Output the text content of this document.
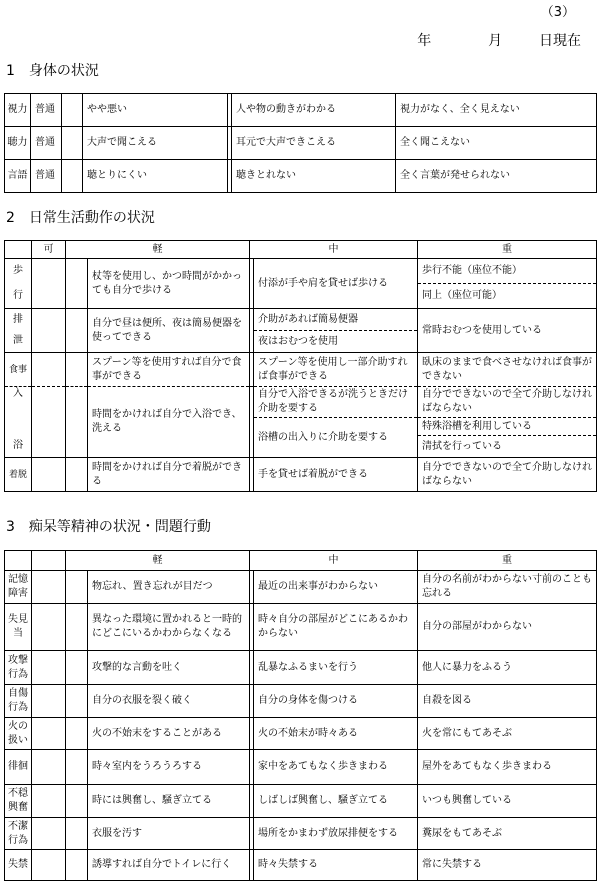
（3）
年	月	日現在
1　身体の状況
視力	普通		やや悪い		人や物の動きがわかる	視力がなく、全く見えない
聴力	普通		大声で聞こえる		耳元で大声できこえる	全く聞こえない
言語	普通		聴とりにくい		聴きとれない	全く言葉が発せられない
2　日常生活動作の状況
	可	軽		中		重
歩			杖等を使用し、かつ時間がかかっても自分で歩ける		付添が手や肩を貸せば歩ける	歩行不能（座位不能）
行						同上（座位可能）
排			自分で昼は便所、夜は簡易便器を使ってできる		介助があれば簡易便器	常時おむつを使用している
泄					夜はおむつを使用	
食事			スプーン等を使用すれば自分で食事ができる		スプーン等を使用し一部介助すれば食事ができる	臥床のままで食べさせなければ食事ができない
入			時間をかければ自分で入浴でき、洗える		自分で入浴できるが洗うときだけ介助を要する	自分でできないので全て介助しなければならない
					浴槽の出入りに介助を要する	特殊浴槽を利用している
浴						清拭を行っている
着脱			時間をかければ自分で着脱ができる		手を貸せば着脱ができる	自分でできないので全て介助しなければならない
3　痴呆等精神の状況・問題行動
		軽		中		重
記憶障害			物忘れ、置き忘れが目だつ		最近の出来事がわからない	自分の名前がわからない寸前のことも忘れる
失見当			異なった環境に置かれると一時的にどこにいるかわからなくなる		時々自分の部屋がどこにあるかわからない	自分の部屋がわからない
攻撃行為			攻撃的な言動を吐く		乱暴なふるまいを行う	他人に暴力をふるう
自傷行為			自分の衣服を裂く破く		自分の身体を傷つける	自殺を図る
火の扱い			火の不始末をすることがある		火の不始末が時々ある	火を常にもてあそぶ
徘徊			時々室内をうろうろする		家中をあてもなく歩きまわる	屋外をあてもなく歩きまわる
不穏興奮			時には興奮し、騒ぎ立てる		しばしば興奮し、騒ぎ立てる	いつも興奮している
不潔行為			衣服を汚す		場所をかまわず放尿排便をする	糞尿をもてあそぶ
失禁			誘導すれば自分でトイレに行く		時々失禁する	常に失禁する
